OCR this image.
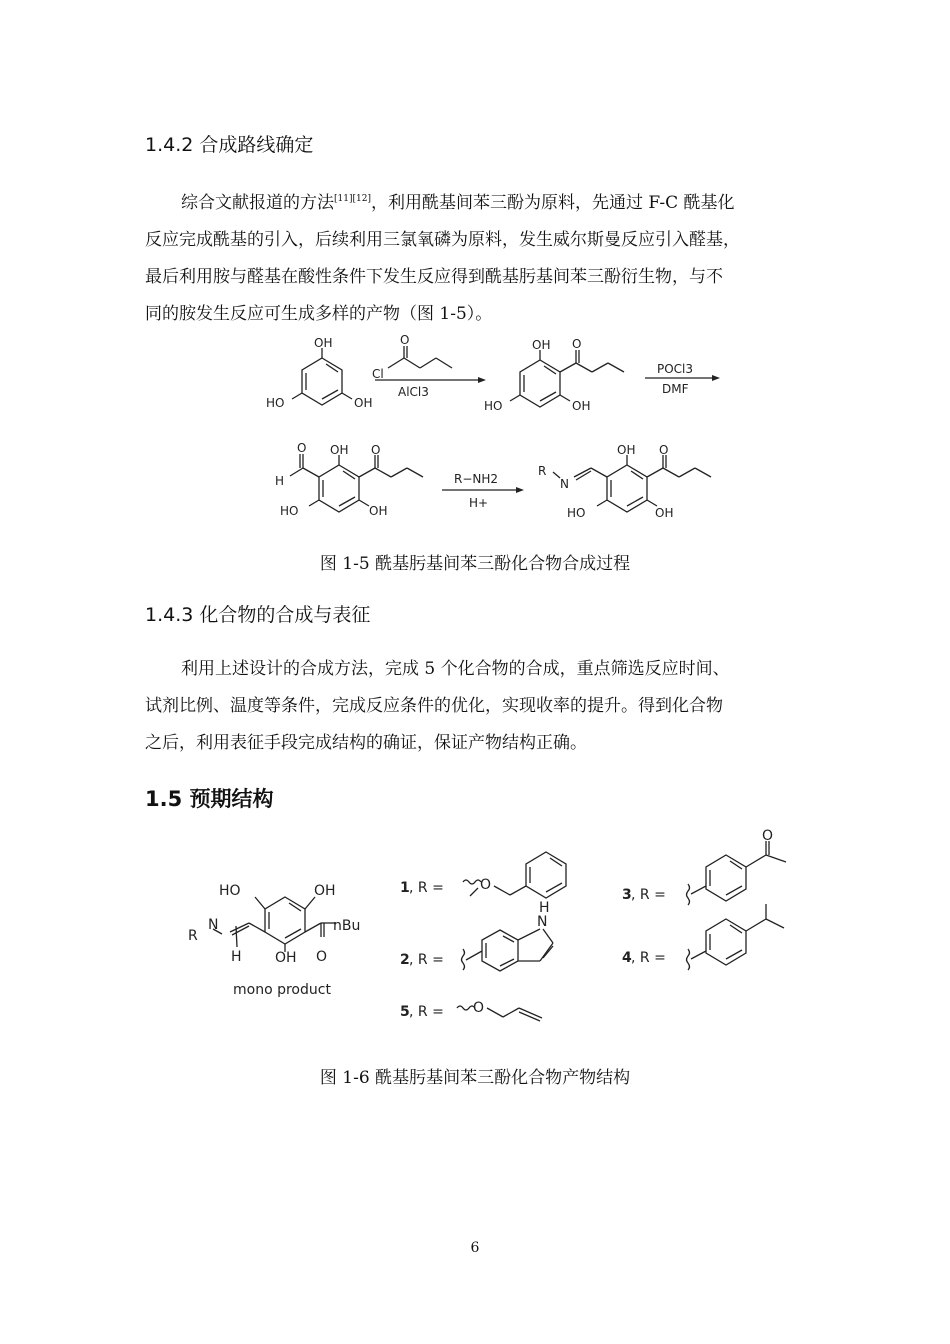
1.4.2 合成路线确定
综合文献报道的方法[11][12]，利用酰基间苯三酚为原料，先通过 F-C 酰基化
反应完成酰基的引入，后续利用三氯氧磷为原料，发生威尔斯曼反应引入醛基，
最后利用胺与醛基在酸性条件下发生反应得到酰基肟基间苯三酚衍生物，与不
同的胺发生反应可生成多样的产物（图 1-5）。
OH
HO	OH
O
Cl
AlCl3
OH O
HO	OH
POCl3
DMF
O
H
OH O
HO	OH
R−NH2
H+
R
N
OH O
HO	OH
图 1-5 酰基肟基间苯三酚化合物合成过程
1.4.3 化合物的合成与表征
利用上述设计的合成方法，完成 5 个化合物的合成，重点筛选反应时间、
试剂比例、温度等条件，完成反应条件的优化，实现收率的提升。得到化合物
之后，利用表征手段完成结构的确证，保证产物结构正确。
1.5 预期结构
HO	OH
N
R
H OH O
nBu
mono product
1 , R =	O
2 , R =
N
H
3 , R =
O
4 , R =
5 , R = O
图 1-6 酰基肟基间苯三酚化合物产物结构
6
